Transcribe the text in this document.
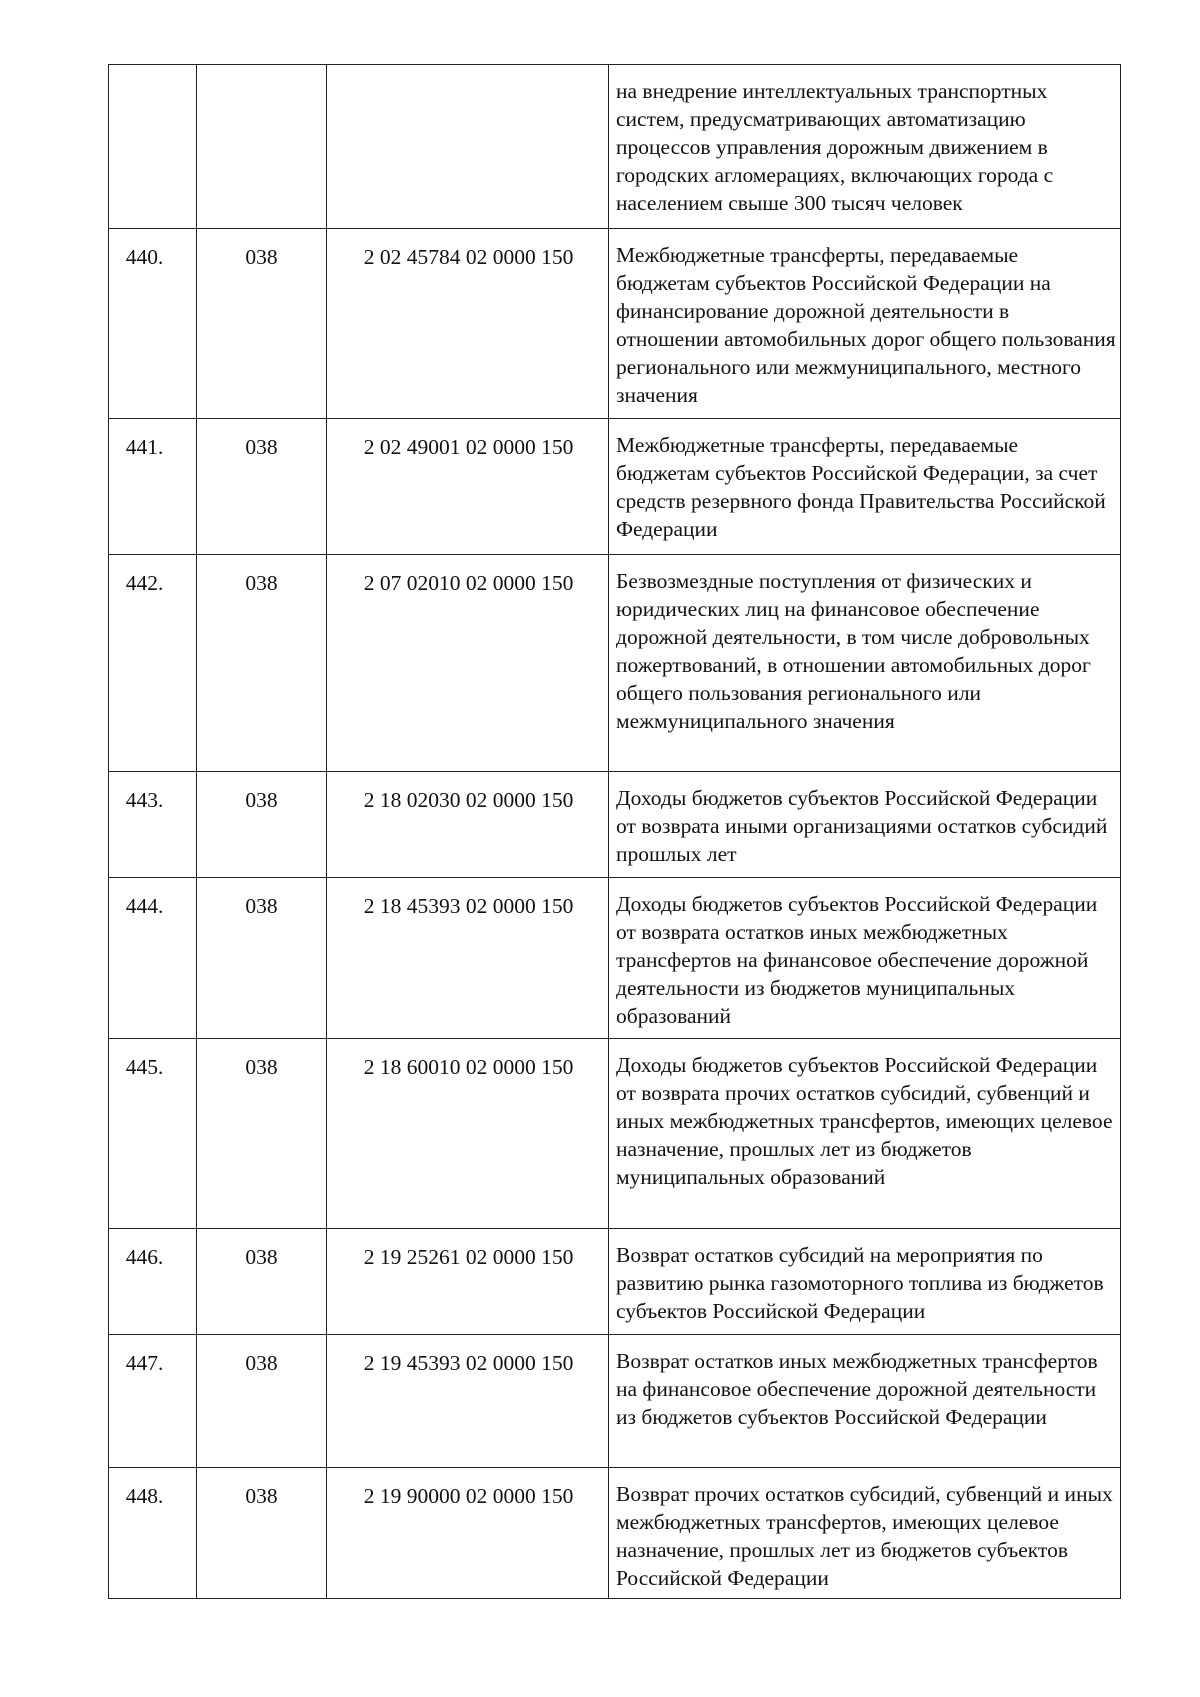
			на внедрение интеллектуальных транспортных систем, предусматривающих автоматизацию процессов управления дорожным движением в городских агломерациях, включающих города с населением свыше 300 тысяч человек
440.	038	2 02 45784 02 0000 150	Межбюджетные трансферты, передаваемые бюджетам субъектов Российской Федерации на финансирование дорожной деятельности в отношении автомобильных дорог общего пользования регионального или межмуниципального, местного значения
441.	038	2 02 49001 02 0000 150	Межбюджетные трансферты, передаваемые бюджетам субъектов Российской Федерации, за счет средств резервного фонда Правительства Российской Федерации
442.	038	2 07 02010 02 0000 150	Безвозмездные поступления от физических и юридических лиц на финансовое обеспечение дорожной деятельности, в том числе добровольных пожертвований, в отношении автомобильных дорог общего пользования регионального или межмуниципального значения
443.	038	2 18 02030 02 0000 150	Доходы бюджетов субъектов Российской Федерации от возврата иными организациями остатков субсидий прошлых лет
444.	038	2 18 45393 02 0000 150	Доходы бюджетов субъектов Российской Федерации от возврата остатков иных межбюджетных трансфертов на финансовое обеспечение дорожной деятельности из бюджетов муниципальных образований
445.	038	2 18 60010 02 0000 150	Доходы бюджетов субъектов Российской Федерации от возврата прочих остатков субсидий, субвенций и иных межбюджетных трансфертов, имеющих целевое назначение, прошлых лет из бюджетов муниципальных образований
446.	038	2 19 25261 02 0000 150	Возврат остатков субсидий на мероприятия по развитию рынка газомоторного топлива из бюджетов субъектов Российской Федерации
447.	038	2 19 45393 02 0000 150	Возврат остатков иных межбюджетных трансфертов на финансовое обеспечение дорожной деятельности из бюджетов субъектов Российской Федерации
448.	038	2 19 90000 02 0000 150	Возврат прочих остатков субсидий, субвенций и иных межбюджетных трансфертов, имеющих целевое назначение, прошлых лет из бюджетов субъектов Российской Федерации
